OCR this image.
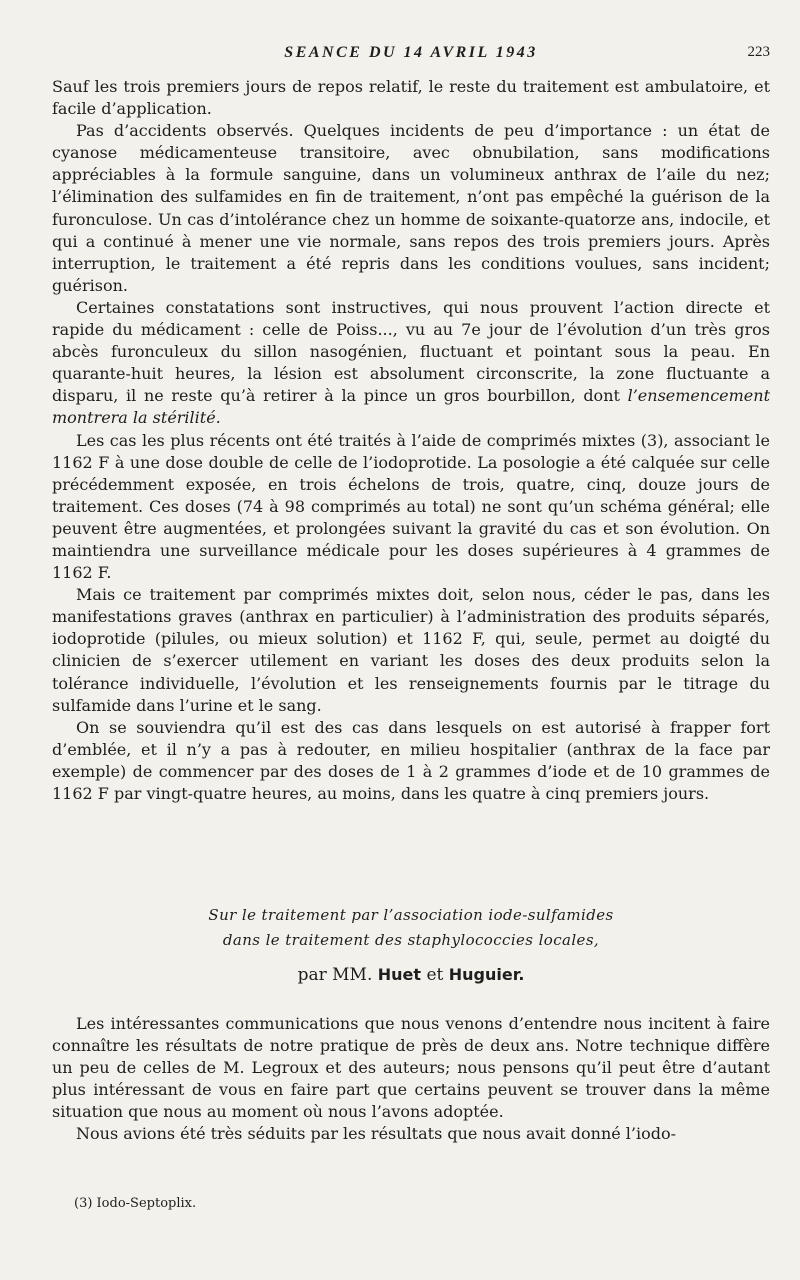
SEANCE DU 14 AVRIL 1943	223

Sauf les trois premiers jours de repos relatif, le reste du traitement est ambulatoire, et facile d’application.

Pas d’accidents observés. Quelques incidents de peu d’importance : un état de cyanose médicamenteuse transitoire, avec obnubilation, sans modifications appréciables à la formule sanguine, dans un volumineux anthrax de l’aile du nez; l’élimination des sulfamides en fin de traitement, n’ont pas empêché la guérison de la furonculose. Un cas d’intolérance chez un homme de soixante-quatorze ans, indocile, et qui a continué à mener une vie normale, sans repos des trois premiers jours. Après interruption, le traitement a été repris dans les conditions voulues, sans incident; guérison.

Certaines constatations sont instructives, qui nous prouvent l’action directe et rapide du médicament : celle de Poiss..., vu au 7e jour de l’évolution d’un très gros abcès furonculeux du sillon nasogénien, fluctuant et pointant sous la peau. En quarante-huit heures, la lésion est absolument circonscrite, la zone fluctuante a disparu, il ne reste qu’à retirer à la pince un gros bourbillon, dont l’ensemencement montrera la stérilité.

Les cas les plus récents ont été traités à l’aide de comprimés mixtes (3), associant le 1162 F à une dose double de celle de l’iodoprotide. La posologie a été calquée sur celle précédemment exposée, en trois échelons de trois, quatre, cinq, douze jours de traitement. Ces doses (74 à 98 comprimés au total) ne sont qu’un schéma général; elle peuvent être augmentées, et prolongées suivant la gravité du cas et son évolution. On maintiendra une surveillance médicale pour les doses supérieures à 4 grammes de 1162 F.

Mais ce traitement par comprimés mixtes doit, selon nous, céder le pas, dans les manifestations graves (anthrax en particulier) à l’administration des produits séparés, iodoprotide (pilules, ou mieux solution) et 1162 F, qui, seule, permet au doigté du clinicien de s’exercer utilement en variant les doses des deux produits selon la tolérance individuelle, l’évolution et les renseignements fournis par le titrage du sulfamide dans l’urine et le sang.

On se souviendra qu’il est des cas dans lesquels on est autorisé à frapper fort d’emblée, et il n’y a pas à redouter, en milieu hospitalier (anthrax de la face par exemple) de commencer par des doses de 1 à 2 grammes d’iode et de 10 grammes de 1162 F par vingt-quatre heures, au moins, dans les quatre à cinq premiers jours.

Sur le traitement par l’association iode-sulfamides
dans le traitement des staphylococcies locales,
par MM. Huet et Huguier.

Les intéressantes communications que nous venons d’entendre nous incitent à faire connaître les résultats de notre pratique de près de deux ans. Notre technique diffère un peu de celles de M. Legroux et des auteurs; nous pensons qu’il peut être d’autant plus intéressant de vous en faire part que certains peuvent se trouver dans la même situation que nous au moment où nous l’avons adoptée.

Nous avions été très séduits par les résultats que nous avait donné l’iodo-

(3) Iodo-Septoplix.
